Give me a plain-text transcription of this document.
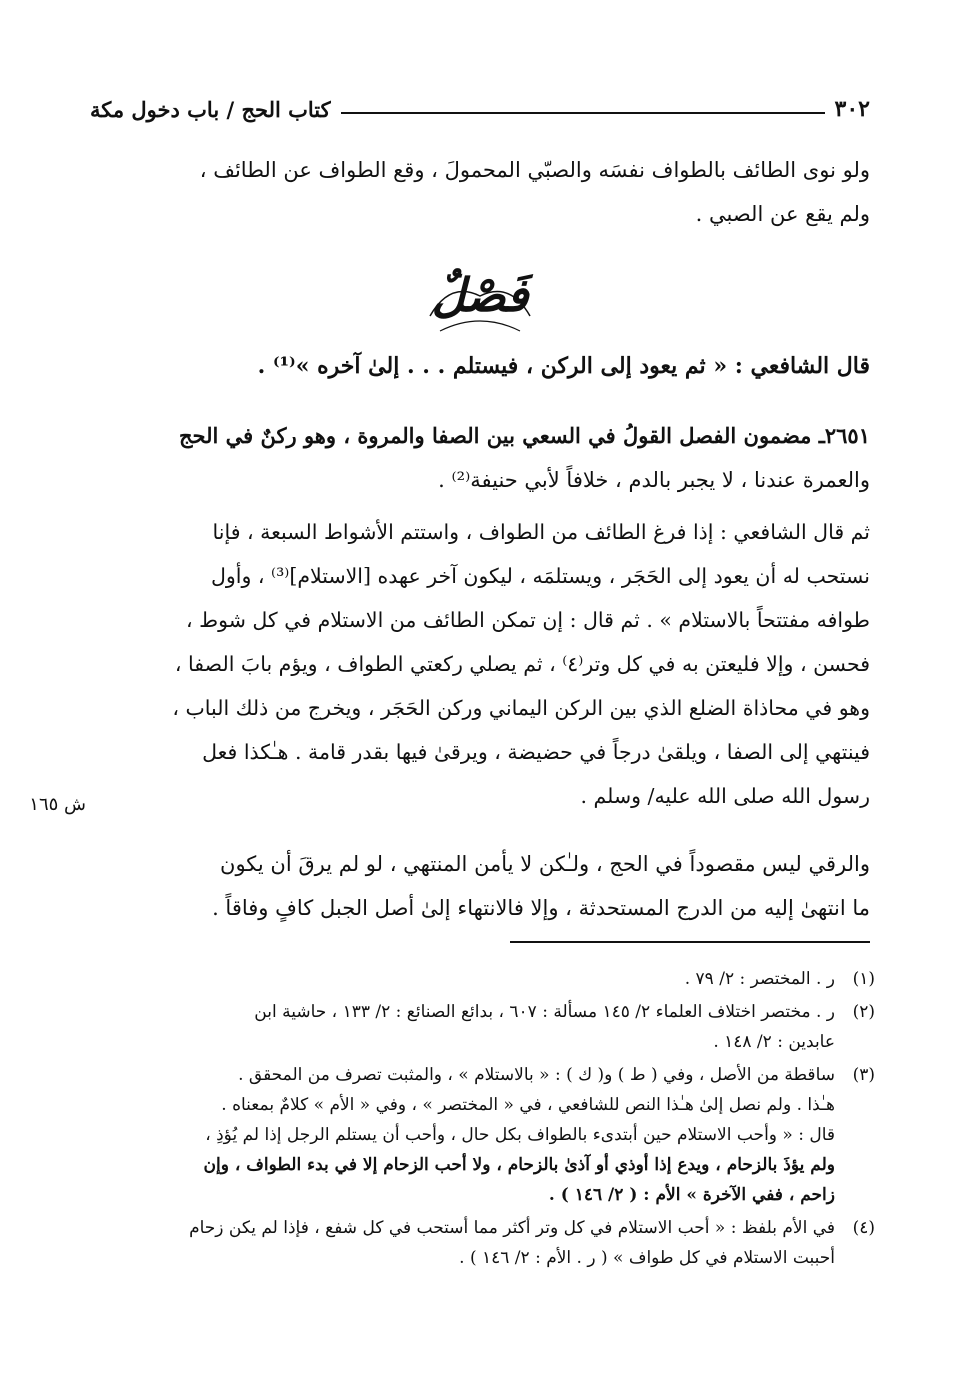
٣٠٢
كتاب الحج / باب دخول مكة
ولو نوى الطائف بالطواف نفسَه والصبّي المحمولَ ، وقع الطواف عن الطائف ،
ولم يقع عن الصبي .
فَصْلٌ
قال الشافعي : « ثم يعود إلى الركن ، فيستلم . . . إلىٰ آخره »⁽¹⁾ .
٢٦٥١ـ مضمون الفصل القولُ في السعي بين الصفا والمروة ، وهو ركنٌ في الحج
والعمرة عندنا ، لا يجبر بالدم ، خلافاً لأبي حنيفة⁽²⁾ .
ثم قال الشافعي : إذا فرغ الطائف من الطواف ، واستتم الأشواط السبعة ، فإنا
نستحب له أن يعود إلى الحَجَر ، ويستلمَه ، ليكون آخر عهده [الاستلام]⁽³⁾ ، وأول
طوافه مفتتحاً بالاستلام » . ثم قال : إن تمكن الطائف من الاستلام في كل شوط ،
فحسن ، وإلا فليعتن به في كل وتر⁽٤⁾ ، ثم يصلي ركعتي الطواف ، ويؤم بابَ الصفا ،
وهو في محاذاة الضلع الذي بين الركن اليماني وركن الحَجَر ، ويخرج من ذلك الباب ،
فينتهي إلى الصفا ، ويلقىٰ درجاً في حضيضة ، ويرقىٰ فيها بقدر قامة . هـٰكذا فعل
رسول الله صلى الله عليه/ وسلم .
ش ١٦٥
والرقي ليس مقصوداً في الحج ، ولـٰكن لا يأمن المنتهي ، لو لم يرقَ أن يكون
ما انتهىٰ إليه من الدرج المستحدثة ، وإلا فالانتهاء إلىٰ أصل الجبل كافٍ وفاقاً .
(١)
ر . المختصر : ٢/ ٧٩ .
(٢)
ر . مختصر اختلاف العلماء ٢/ ١٤٥ مسألة : ٦٠٧ ، بدائع الصنائع : ٢/ ١٣٣ ، حاشية ابن
عابدين : ٢/ ١٤٨ .
(٣)
ساقطة من الأصل ، وفي ( ط ) و( ك ) : « بالاستلام » ، والمثبت تصرف من المحقق .
هـٰذا . ولم نصل إلىٰ هـٰذا النص للشافعي ، في « المختصر » ، وفي « الأم » كلامٌ بمعناه .
قال : « وأحب الاستلام حين أبتدىء بالطواف بكل حال ، وأحب أن يستلم الرجل إذا لم يُؤذِ ،
ولم يؤذَ بالزحام ، ويدع إذا أوذي أو آذىٰ بالزحام ، ولا أحب الزحام إلا في بدء الطواف ، وإن
زاحم ، ففي الآخرة » الأم : ( ٢/ ١٤٦ ) .
(٤)
في الأم بلفظ : « أحب الاستلام في كل وتر أكثر مما أستحب في كل شفع ، فإذا لم يكن زحام
أحببت الاستلام في كل طواف » ( ر . الأم : ٢/ ١٤٦ ) .
